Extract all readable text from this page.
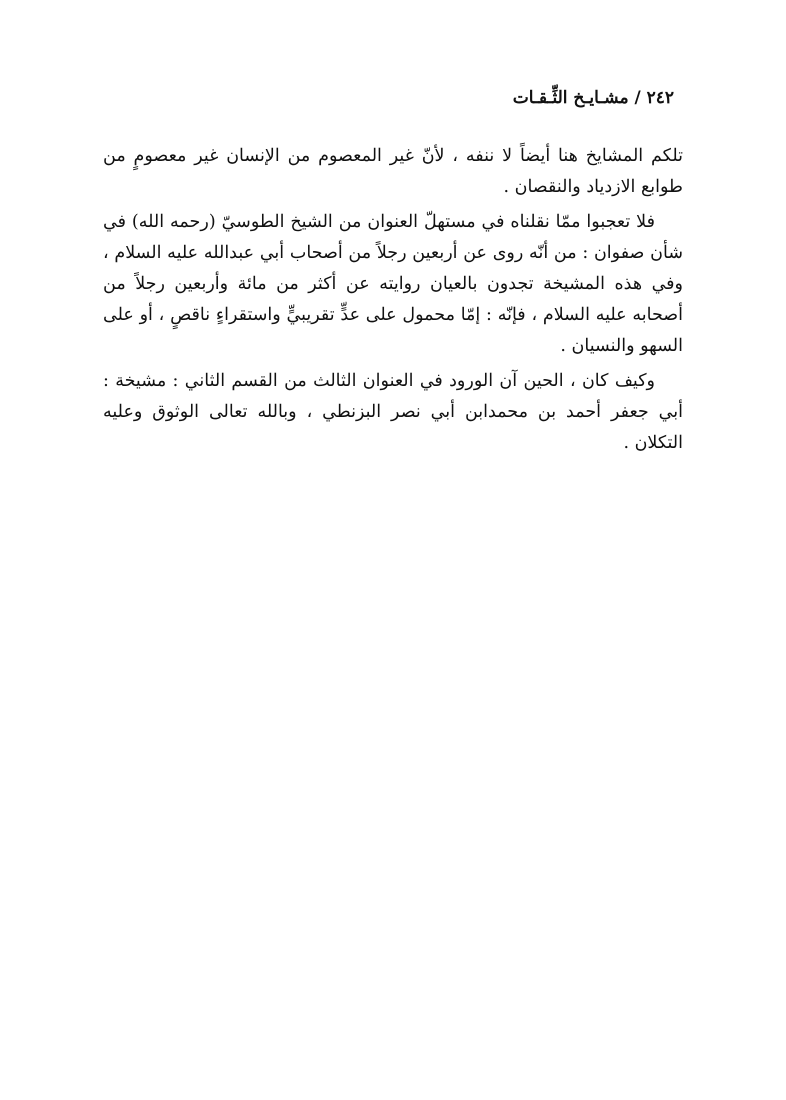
٢٤٢ / مشـايـخ الثِّـقـات

تلكم المشايخ هنا أيضاً لا ننفه ، لأنّ غير المعصوم من الإنسان غير معصومٍ من طوابع الازدياد والنقصان .

فلا تعجبوا ممّا نقلناه في مستهلّ العنوان من الشيخ الطوسيّ (رحمه الله) في شأن صفوان : من أنّه روى عن أربعين رجلاً من أصحاب أبي عبدالله عليه السلام ، وفي هذه المشيخة تجدون بالعيان روايته عن أكثر من مائة وأربعين رجلاً من أصحابه عليه السلام ، فإنّه : إمّا محمول على عدٍّ تقريبيٍّ واستقراءٍ ناقصٍ ، أو على السهو والنسيان .

وكيف كان ، الحين آن الورود في العنوان الثالث من القسم الثاني : مشيخة : أبي جعفر أحمد بن محمدابن أبي نصر البزنطي ، وبالله تعالى الوثوق وعليه التكلان .
